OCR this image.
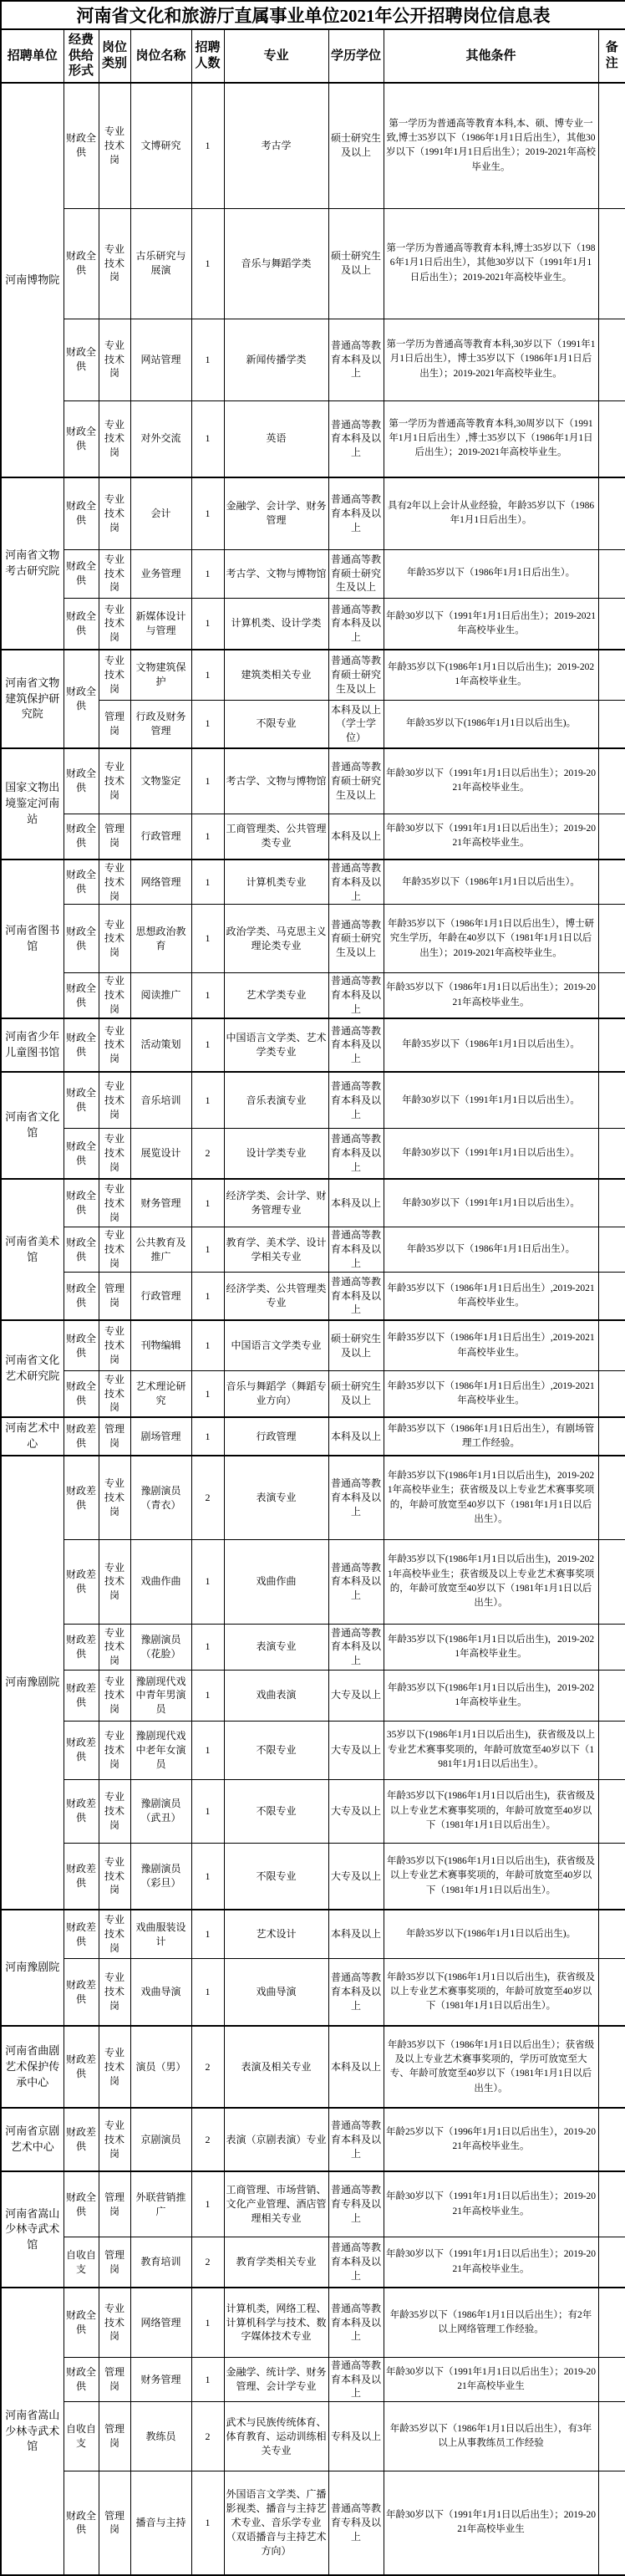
河南省文化和旅游厅直属事业单位2021年公开招聘岗位信息表								
招聘单位	经费供给形式	岗位类别	岗位名称	招聘人数	专业	学历学位	其他条件	备注
河南博物院	财政全供	专业技术岗	文博研究	1	考古学	硕士研究生及以上	第一学历为普通高等教育本科,本、硕、博专业一致,博士35岁以下（1986年1月1日后出生），其他30岁以下（1991年1月1日后出生）；2019-2021年高校毕业生。	
	财政全供	专业技术岗	古乐研究与展演	1	音乐与舞蹈学类	硕士研究生及以上	第一学历为普通高等教育本科,博士35岁以下（1986年1月1日后出生），其他30岁以下（1991年1月1日后出生）；2019-2021年高校毕业生。	
	财政全供	专业技术岗	网站管理	1	新闻传播学类	普通高等教育本科及以上	第一学历为普通高等教育本科,30岁以下（1991年1月1日后出生），博士35岁以下（1986年1月1日后出生）；2019-2021年高校毕业生。	
	财政全供	专业技术岗	对外交流	1	英语	普通高等教育本科及以上	第一学历为普通高等教育本科,30周岁以下（1991年1月1日后出生）,博士35岁以下（1986年1月1日后出生）；2019-2021年高校毕业生。	
河南省文物考古研究院	财政全供	专业技术岗	会计	1	金融学、会计学、财务管理	普通高等教育本科及以上	具有2年以上会计从业经验，年龄35岁以下（1986年1月1日后出生）。	
	财政全供	专业技术岗	业务管理	1	考古学、文物与博物馆	普通高等教育硕士研究生及以上	年龄35岁以下（1986年1月1日后出生）。	
	财政全供	专业技术岗	新媒体设计与管理	1	计算机类、设计学类	普通高等教育本科及以上	年龄30岁以下（1991年1月1日后出生）；2019-2021年高校毕业生。	
河南省文物建筑保护研究院	财政全供	专业技术岗	文物建筑保护	1	建筑类相关专业	普通高等教育硕士研究生及以上	年龄35岁以下(1986年1月1日以后出生)；2019-2021年高校毕业生。	
		管理岗	行政及财务管理	1	不限专业	本科及以上（学士学位）	年龄35岁以下(1986年1月1日以后出生)。	
国家文物出境鉴定河南站	财政全供	专业技术岗	文物鉴定	1	考古学、文物与博物馆	普通高等教育硕士研究生及以上	年龄30岁以下（1991年1月1日以后出生）；2019-2021年高校毕业生。	
	财政全供	管理岗	行政管理	1	工商管理类、公共管理类专业	本科及以上	年龄30岁以下（1991年1月1日以后出生）；2019-2021年高校毕业生。	
河南省图书馆	财政全供	专业技术岗	网络管理	1	计算机类专业	普通高等教育本科及以上	年龄35岁以下（1986年1月1日以后出生）。	
	财政全供	专业技术岗	思想政治教育	1	政治学类、马克思主义理论类专业	普通高等教育硕士研究生及以上	年龄35岁以下（1986年1月1日以后出生），博士研究生学历，年龄在40岁以下（1981年1月1日以后出生）；2019-2021年高校毕业生。	
	财政全供	专业技术岗	阅读推广	1	艺术学类专业	普通高等教育本科及以上	年龄35岁以下（1986年1月1日以后出生）；2019-2021年高校毕业生。	
河南省少年儿童图书馆	财政全供	专业技术岗	活动策划	1	中国语言文学类、艺术学类专业	普通高等教育本科及以上	年龄35岁以下（1986年1月1日以后出生）。	
河南省文化馆	财政全供	专业技术岗	音乐培训	1	音乐表演专业	普通高等教育本科及以上	年龄30岁以下（1991年1月1日以后出生）。	
	财政全供	专业技术岗	展览设计	2	设计学类专业	普通高等教育本科及以上	年龄30岁以下（1991年1月1日以后出生）。	
河南省美术馆	财政全供	专业技术岗	财务管理	1	经济学类、会计学、财务管理专业	本科及以上	年龄30岁以下（1991年1月1日以后出生）。	
	财政全供	专业技术岗	公共教育及推广	1	教育学、美术学、设计学相关专业	普通高等教育本科及以上	年龄35岁以下（1986年1月1日后出生）。	
	财政全供	管理岗	行政管理	1	经济学类、公共管理类专业	普通高等教育本科及以上	年龄35岁以下（1986年1月1日后出生）,2019-2021年高校毕业生。	
河南省文化艺术研究院	财政全供	专业技术岗	刊物编辑	1	中国语言文学类专业	硕士研究生及以上	年龄35岁以下（1986年1月1日后出生）,2019-2021年高校毕业生。	
	财政全供	专业技术岗	艺术理论研究	1	音乐与舞蹈学（舞蹈专业方向）	硕士研究生及以上	年龄35岁以下（1986年1月1日后出生）,2019-2021年高校毕业生。	
河南艺术中心	财政差供	管理岗	剧场管理	1	行政管理	本科及以上	年龄35岁以下（1986年1月1日后出生），有剧场管理工作经验。	
河南豫剧院	财政差供	专业技术岗	豫剧演员（青衣）	2	表演专业	普通高等教育本科及以上	年龄35岁以下(1986年1月1日以后出生)，2019-2021年高校毕业生；获省级及以上专业艺术赛事奖项的，年龄可放宽至40岁以下（1981年1月1日以后出生）。	
	财政差供	专业技术岗	戏曲作曲	1	戏曲作曲	普通高等教育本科及以上	年龄35岁以下(1986年1月1日以后出生)，2019-2021年高校毕业生；获省级及以上专业艺术赛事奖项的，年龄可放宽至40岁以下（1981年1月1日以后出生）。	
	财政差供	专业技术岗	豫剧演员（花脸）	1	表演专业	普通高等教育本科及以上	年龄35岁以下(1986年1月1日以后出生)，2019-2021年高校毕业生。	
	财政差供	专业技术岗	豫剧现代戏中青年男演员	1	戏曲表演	大专及以上	年龄35岁以下(1986年1月1日以后出生)，2019-2021年高校毕业生。	
	财政差供	专业技术岗	豫剧现代戏中老年女演员	1	不限专业	大专及以上	35岁以下(1986年1月1日以后出生)，获省级及以上专业艺术赛事奖项的，年龄可放宽至40岁以下（1981年1月1日以后出生）。	
	财政差供	专业技术岗	豫剧演员（武丑）	1	不限专业	大专及以上	年龄35岁以下(1986年1月1日以后出生)，获省级及以上专业艺术赛事奖项的，年龄可放宽至40岁以下（1981年1月1日以后出生）。	
	财政差供	专业技术岗	豫剧演员（彩旦）	1	不限专业	大专及以上	年龄35岁以下(1986年1月1日以后出生)，获省级及以上专业艺术赛事奖项的，年龄可放宽至40岁以下（1981年1月1日以后出生）。	
河南豫剧院	财政差供	专业技术岗	戏曲服装设计	1	艺术设计	本科及以上	年龄35岁以下(1986年1月1日以后出生)。	
	财政差供	专业技术岗	戏曲导演	1	戏曲导演	普通高等教育本科及以上	年龄35岁以下(1986年1月1日以后出生)，获省级及以上专业艺术赛事奖项的，年龄可放宽至40岁以下（1981年1月1日以后出生）。	
河南省曲剧艺术保护传承中心	财政差供	专业技术岗	演员（男）	2	表演及相关专业	本科及以上	年龄35岁以下（1986年1月1日以后出生）；获省级及以上专业艺术赛事奖项的，学历可放宽至大专、年龄可放宽至40岁以下（1981年1月1日以后出生）。	
河南省京剧艺术中心	财政差供	专业技术岗	京剧演员	2	表演（京剧表演）专业	普通高等教育本科及以上	年龄25岁以下（1996年1月1日以后出生），2019-2021年高校毕业生。	
河南省嵩山少林寺武术馆	财政全供	管理岗	外联营销推广	1	工商管理、市场营销、文化产业管理、酒店管理相关专业	普通高等教育专科及以上	年龄30岁以下（1991年1月1日以后出生）；2019-2021年高校毕业生。	
	自收自支	管理岗	教育培训	2	教育学类相关专业	普通高等教育本科及以上	年龄30岁以下（1991年1月1日以后出生）；2019-2021年高校毕业生。	
河南省嵩山少林寺武术馆	财政全供	专业技术岗	网络管理	1	计算机类，网络工程、计算机科学与技术、数字媒体技术专业	普通高等教育本科及以上	年龄35岁以下（1986年1月1日以后出生）；有2年以上网络管理工作经验。	
	财政全供	管理岗	财务管理	1	金融学、统计学、财务管理、会计学专业	普通高等教育本科及以上	年龄30岁以下（1991年1月1日以后出生）；2019-2021年高校毕业生	
	自收自支	管理岗	教练员	2	武术与民族传统体育、体育教育、运动训练相关专业	专科及以上	年龄35岁以下（1986年1月1日以后出生），有3年以上从事教练员工作经验	
	财政全供	管理岗	播音与主持	1	外国语言文学类、广播影视类、播音与主持艺术专业、音乐学专业（双语播音与主持艺术方向）	普通高等教育专科及以上	年龄30岁以下（1991年1月1日以后出生）；2019-2021年高校毕业生	
